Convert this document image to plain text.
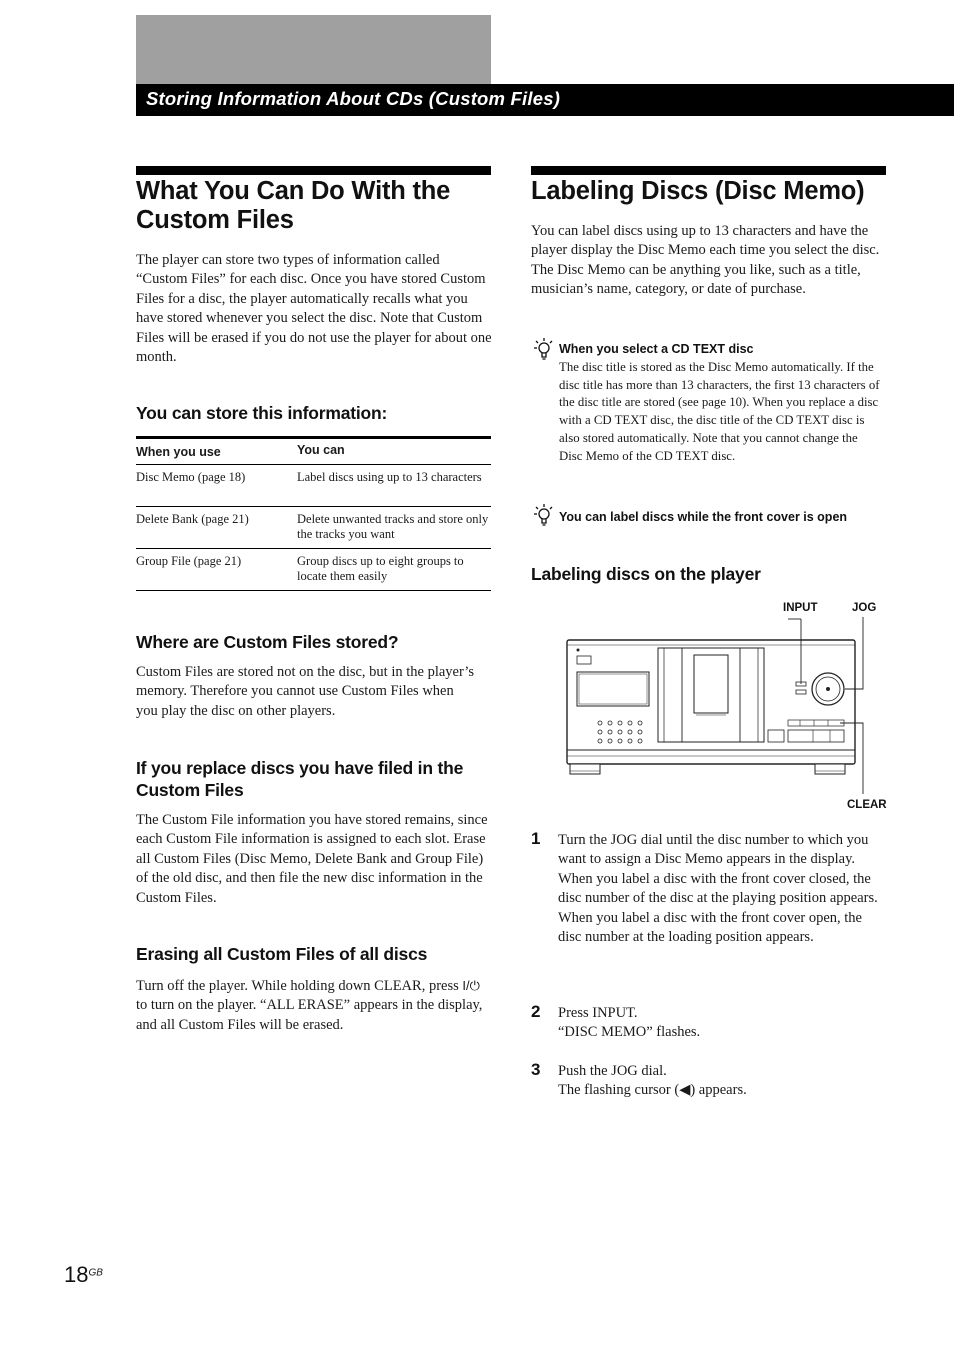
Storing Information About CDs (Custom Files)
What You Can Do With the Custom Files

The player can store two types of information called “Custom Files” for each disc. Once you have stored Custom Files for a disc, the player automatically recalls what you have stored whenever you select the disc. Note that Custom Files will be erased if you do not use the player for about one month.

You can store this information:
When you use	You can
Disc Memo (page 18)	Label discs using up to 13 characters
Delete Bank (page 21)	Delete unwanted tracks and store only the tracks you want
Group File (page 21)	Group discs up to eight groups to locate them easily
Where are Custom Files stored?

Custom Files are stored not on the disc, but in the player’s memory. Therefore you cannot use Custom Files when you play the disc on other players.

If you replace discs you have filed in the Custom Files

The Custom File information you have stored remains, since each Custom File information is assigned to each slot. Erase all Custom Files (Disc Memo, Delete Bank and Group File) of the old disc, and then file the new disc information in the Custom Files.

Erasing all Custom Files of all discs

Turn off the player. While holding down CLEAR, press I/⏻ to turn on the player. “ALL ERASE” appears in the display, and all Custom Files will be erased.

Labeling Discs (Disc Memo)

You can label discs using up to 13 characters and have the player display the Disc Memo each time you select the disc. The Disc Memo can be anything you like, such as a title, musician’s name, category, or date of purchase.

When you select a CD TEXT disc

The disc title is stored as the Disc Memo automatically. If the disc title has more than 13 characters, the first 13 characters of the disc title are stored (see page 10). When you replace a disc with a CD TEXT disc, the disc title of the CD TEXT disc is also stored automatically. Note that you cannot change the Disc Memo of the CD TEXT disc.

You can label discs while the front cover is open
Labeling discs on the player
INPUT	JOG
CLEAR
1 Turn the JOG dial until the disc number to which you want to assign a Disc Memo appears in the display.

When you label a disc with the front cover closed, the disc number of the disc at the playing position appears.

When you label a disc with the front cover open, the disc number at the loading position appears.

2 Press INPUT.

“DISC MEMO” flashes.

3 Push the JOG dial.

The flashing cursor (◀) appears.

$18^{GB}$
